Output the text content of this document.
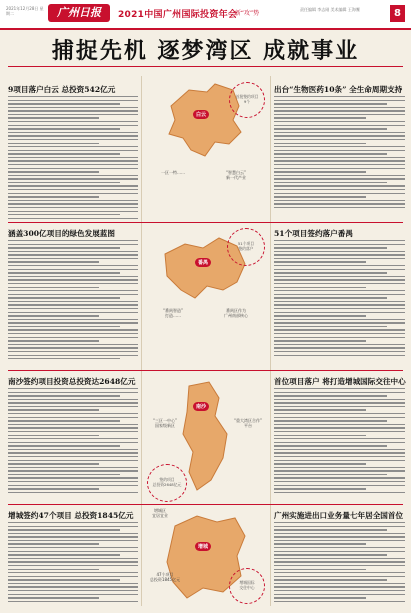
2021年12月28日 星期二	广州日报	2021中国广州国际投资年会
·新“攻”势
责任编辑 李志刚 美术编辑 王海鹰	8
捕捉先机 逐梦湾区 成就事业
9项目落户白云 总投资542亿元	出台“生物医药10条” 全生命周期支持
白云
一区一特……	“智慧白云”
新一代产业
首批签约项目
9个
涵盖300亿项目的绿色发展蓝图	51个项目签约落户番禺
番禺
“番禺智造”
打造……
番禺区作为
广州南部核心
51个项目
签约落户
南沙签约项目投资总投资达2648亿元	首位项目落户 将打造增城国际交往中心
南沙
“三区一中心”
国家级新区
“重大湾区合作”
平台
签约项目
总投资2648亿元
增城签约47个项目 总投资1845亿元	广州实施进出口业务量七年居全国首位
增城
增城区
宜居宜业
47个项目
总投资1845亿元
增城国际
交往中心
